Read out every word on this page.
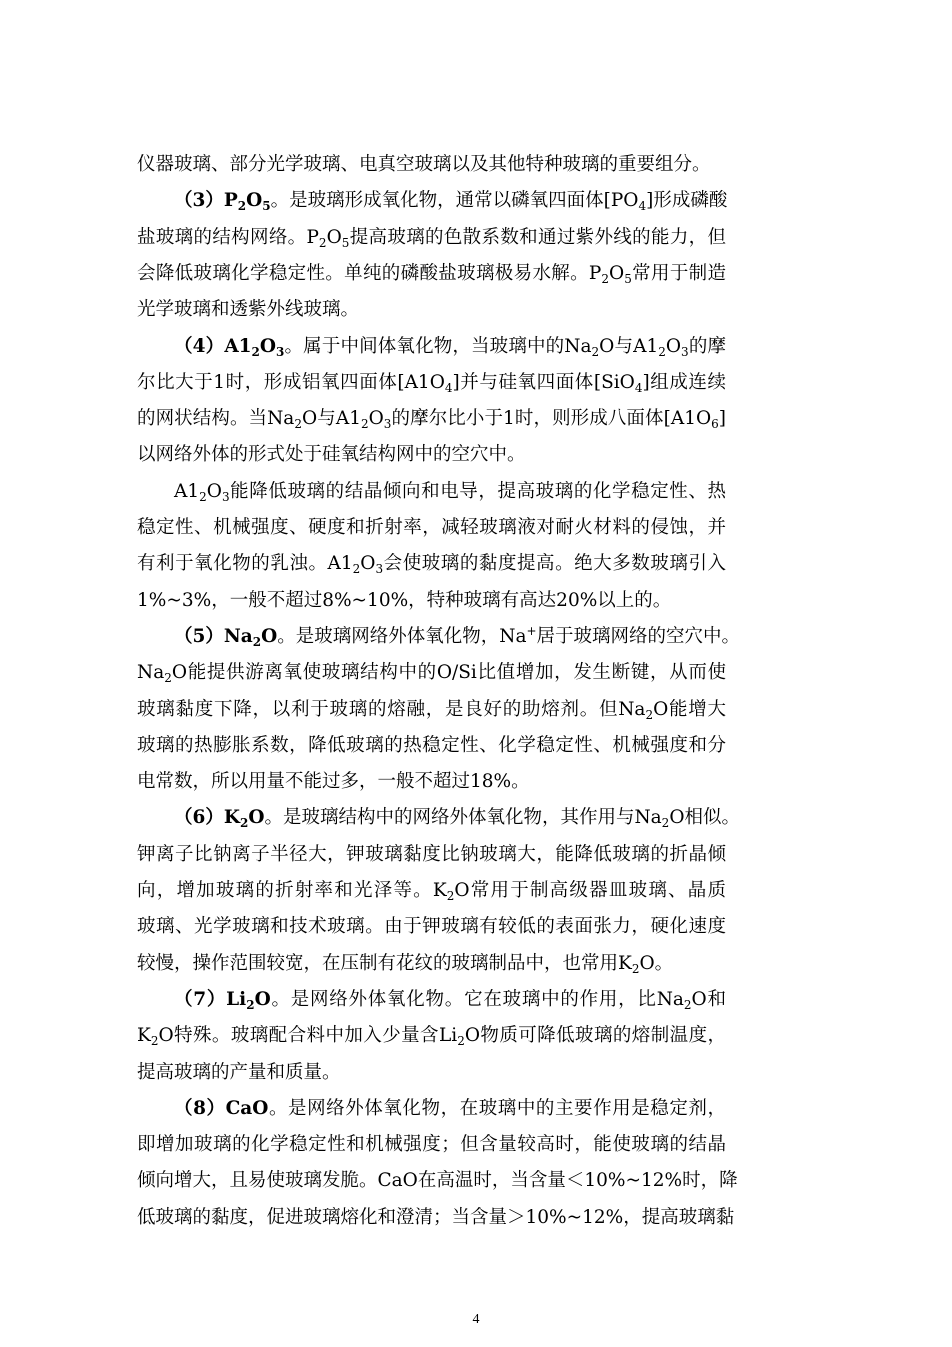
仪器玻璃、部分光学玻璃、电真空玻璃以及其他特种玻璃的重要组分。
$(3)P_2O_5$。是玻璃形成氧化物，通常以磷氧四面体$[PO_4]$形成磷酸
盐玻璃的结构网络。$P_2O_5$提高玻璃的色散系数和通过紫外线的能力，但
会降低玻璃化学稳定性。单纯的磷酸盐玻璃极易水解。$P_2O_5$常用于制造
光学玻璃和透紫外线玻璃。
$(4)A1_2O_3$。属于中间体氧化物，当玻璃中的$Na_2O$与$A1_2O_3$的摩
尔比大于1时，形成铝氧四面体$[A1O_4]$并与硅氧四面体[SiO$_4$]组成连续
的网状结构。当$Na_2O$与$A1_2O_3$的摩尔比小于1时，则形成八面体$[A1O_6]$
以网络外体的形式处于硅氧结构网中的空穴中。
$A1_2O_3$能降低玻璃的结晶倾向和电导，提高玻璃的化学稳定性、热
稳定性、机械强度、硬度和折射率，减轻玻璃液对耐火材料的侵蚀，并
有利于氧化物的乳浊。$A1_2O_3$会使玻璃的黏度提高。绝大多数玻璃引入
1%~3%，一般不超过8%~10%，特种玻璃有高达20%以上的。
$(5)Na_2O$。是玻璃网络外体氧化物，Na+居于玻璃网络的空穴中。
$Na_2O$能提供游离氧使玻璃结构中的O/Si比值增加，发生断键，从而使
玻璃黏度下降，以利于玻璃的熔融，是良好的助熔剂。但$Na_2O$能增大
玻璃的热膨胀系数，降低玻璃的热稳定性、化学稳定性、机械强度和分
电常数，所以用量不能过多，一般不超过18%。
$(6)K_2O$。是玻璃结构中的网络外体氧化物，其作用与$Na_2O$相似。
钾离子比钠离子半径大，钾玻璃黏度比钠玻璃大，能降低玻璃的折晶倾
向，增加玻璃的折射率和光泽等。$K_2O$常用于制高级器皿玻璃、晶质
玻璃、光学玻璃和技术玻璃。由于钾玻璃有较低的表面张力，硬化速度
较慢，操作范围较宽，在压制有花纹的玻璃制品中，也常用$K_2O$。
$(7)Li_2O$。是网络外体氧化物。它在玻璃中的作用，比$Na_2O$和
$K_2O$特殊。玻璃配合料中加入少量含$Li_2O$物质可降低玻璃的熔制温度，
提高玻璃的产量和质量。
（8）CaO。是网络外体氧化物，在玻璃中的主要作用是稳定剂，
即增加玻璃的化学稳定性和机械强度；但含量较高时，能使玻璃的结晶
倾向增大，且易使玻璃发脆。CaO在高温时，当含量＜10%~12%时，降
低玻璃的黏度，促进玻璃熔化和澄清；当含量＞10%~12%，提高玻璃黏
4
